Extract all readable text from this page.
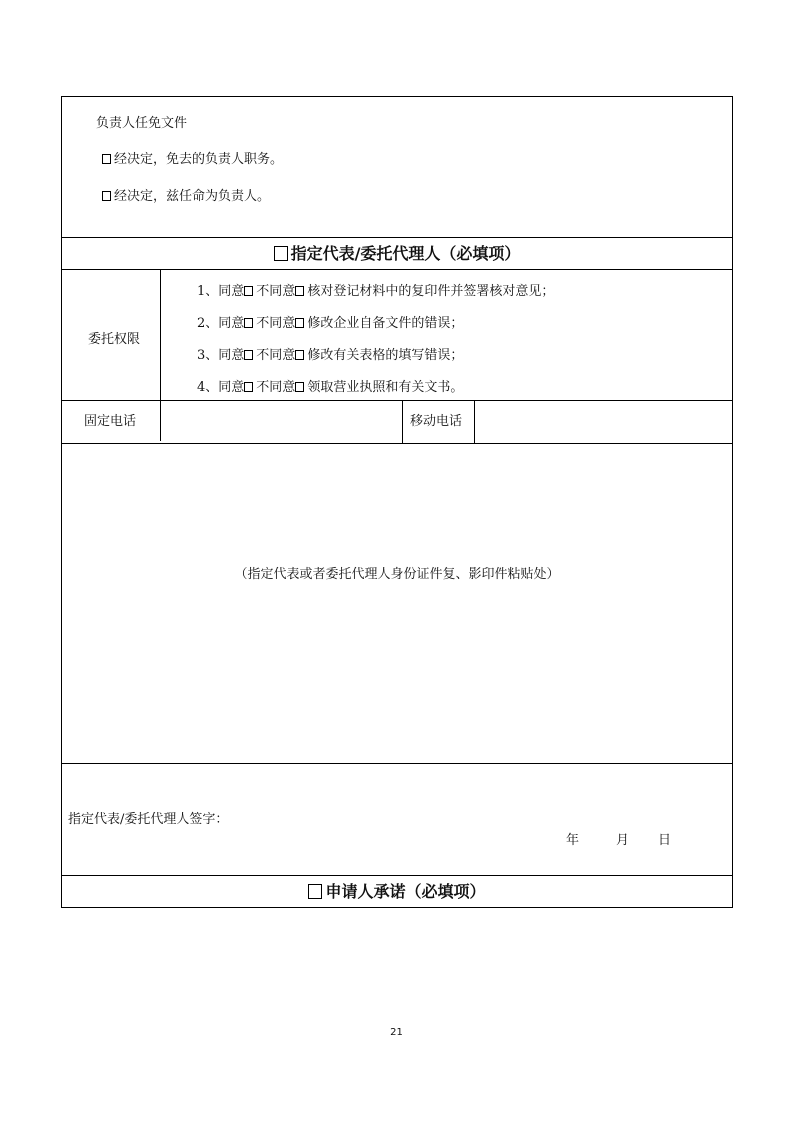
负责人任免文件
经决定，免去的负责人职务。
经决定，兹任命为负责人。
指定代表/委托代理人（必填项）
委托权限
1、同意 不同意 核对登记材料中的复印件并签署核对意见；
2、同意 不同意 修改企业自备文件的错误；
3、同意 不同意 修改有关表格的填写错误；
4、同意 不同意 领取营业执照和有关文书。
固定电话	移动电话
（指定代表或者委托代理人身份证件复、影印件粘贴处）
指定代表/委托代理人签字：
年	月 日
申请人承诺（必填项）
21
